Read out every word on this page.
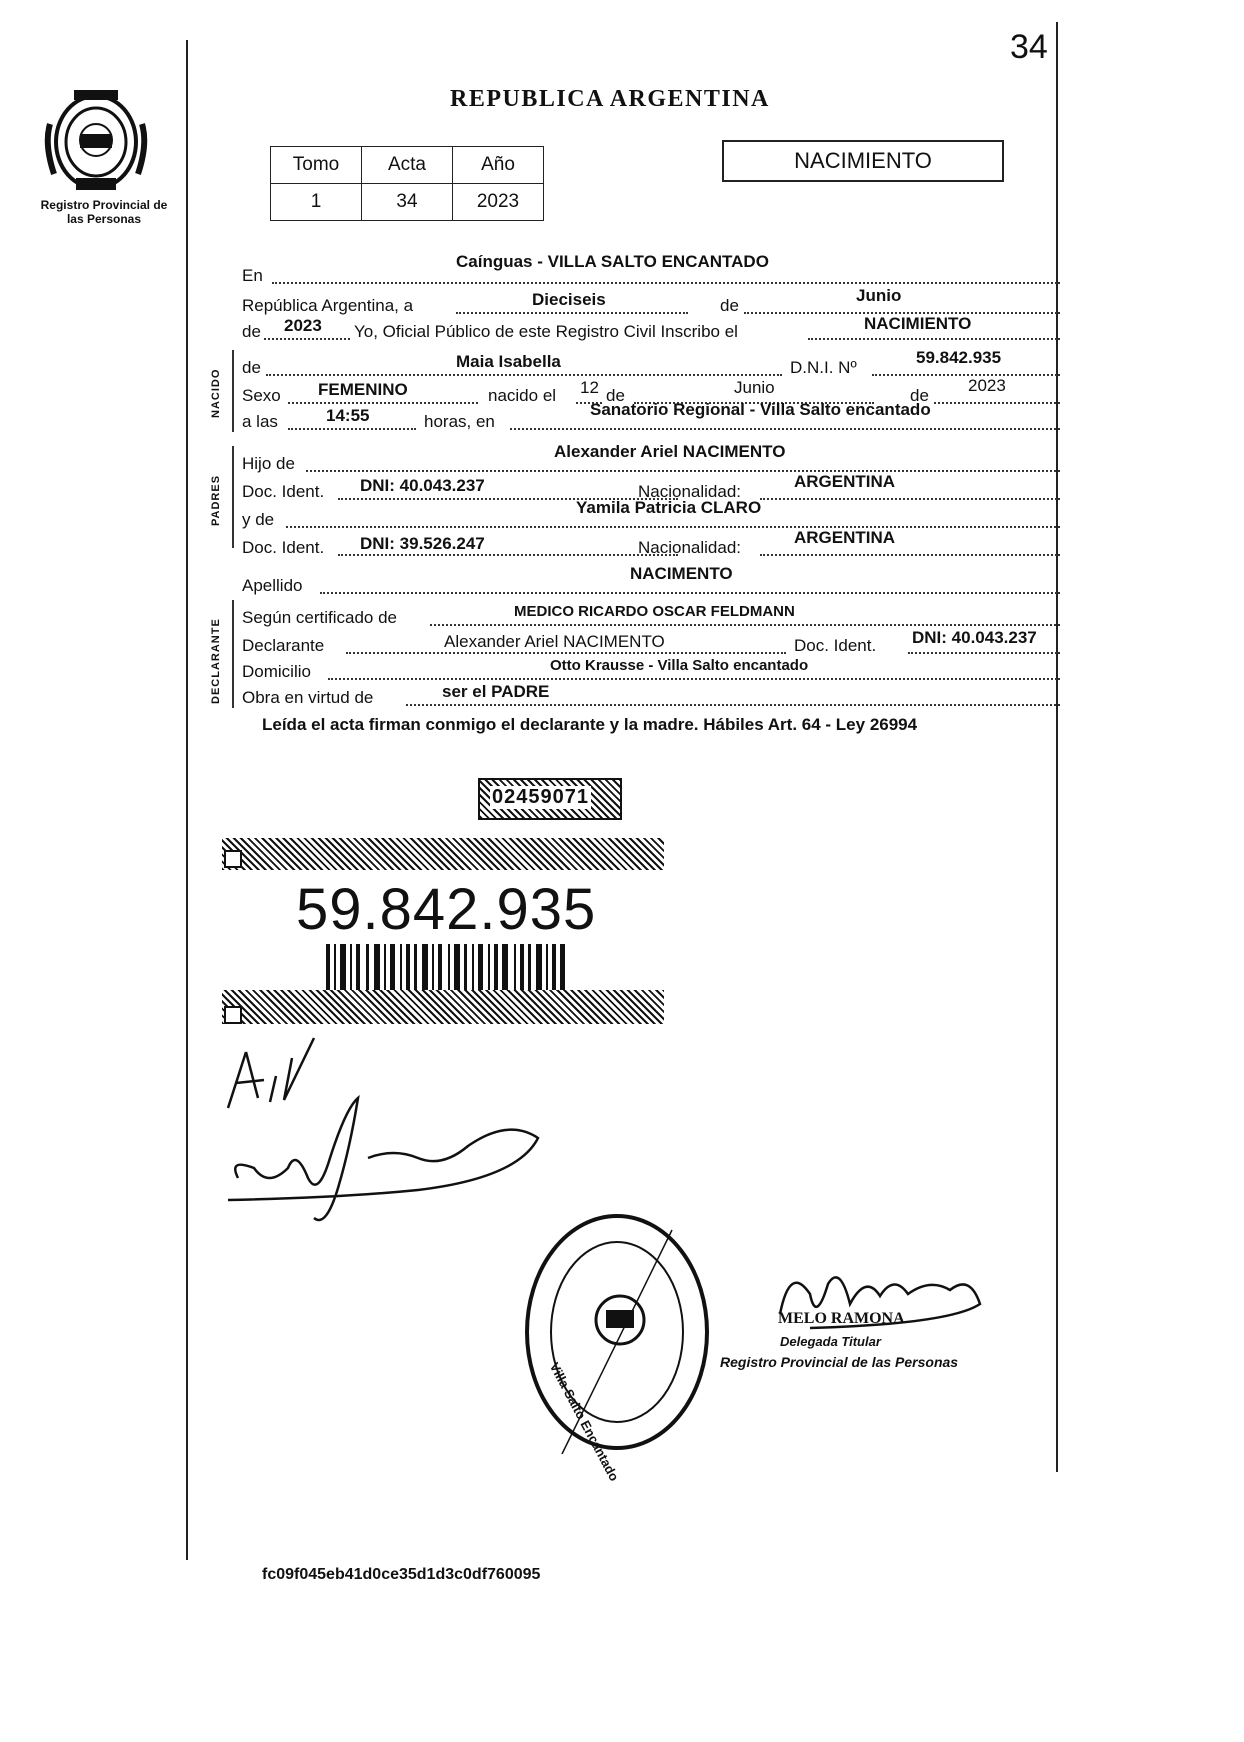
34
Registro Provincial de las Personas
REPUBLICA ARGENTINA
Tomo	Acta	Año
1	34	2023
NACIMIENTO
En
Caínguas - VILLA SALTO ENCANTADO
República Argentina, a	Dieciseis	de
Junio
de 2023 Yo, Oficial Público de este Registro Civil Inscribo el	NACIMIENTO
NACIDO
de	Maia Isabella	D.N.I. Nº
59.842.935
Sexo FEMENINO	nacido el 12 de	Junio	de
2023
a las	14:55	horas, en
Sanatorio Regional - Villa Salto encantado
PADRES
Hijo de
Alexander Ariel NACIMENTO
Doc. Ident. DNI: 40.043.237	Nacionalidad:
ARGENTINA
y de
Yamila Patricia CLARO
Doc. Ident. DNI: 39.526.247	Nacionalidad:
ARGENTINA
Apellido
NACIMENTO
DECLARANTE
Según certificado de	MEDICO RICARDO OSCAR FELDMANN
Declarante	Alexander Ariel NACIMENTO	Doc. Ident. DNI: 40.043.237
Domicilio	Otto Krausse - Villa Salto encantado
Obra en virtud de	ser el PADRE
Leída el acta firman conmigo el declarante y la madre. Hábiles Art. 64 - Ley 26994
02459071
59.842.935
Villa Salto Encantado
MELO RAMONA
Delegada Titular
Registro Provincial de las Personas
fc09f045eb41d0ce35d1d3c0df760095
